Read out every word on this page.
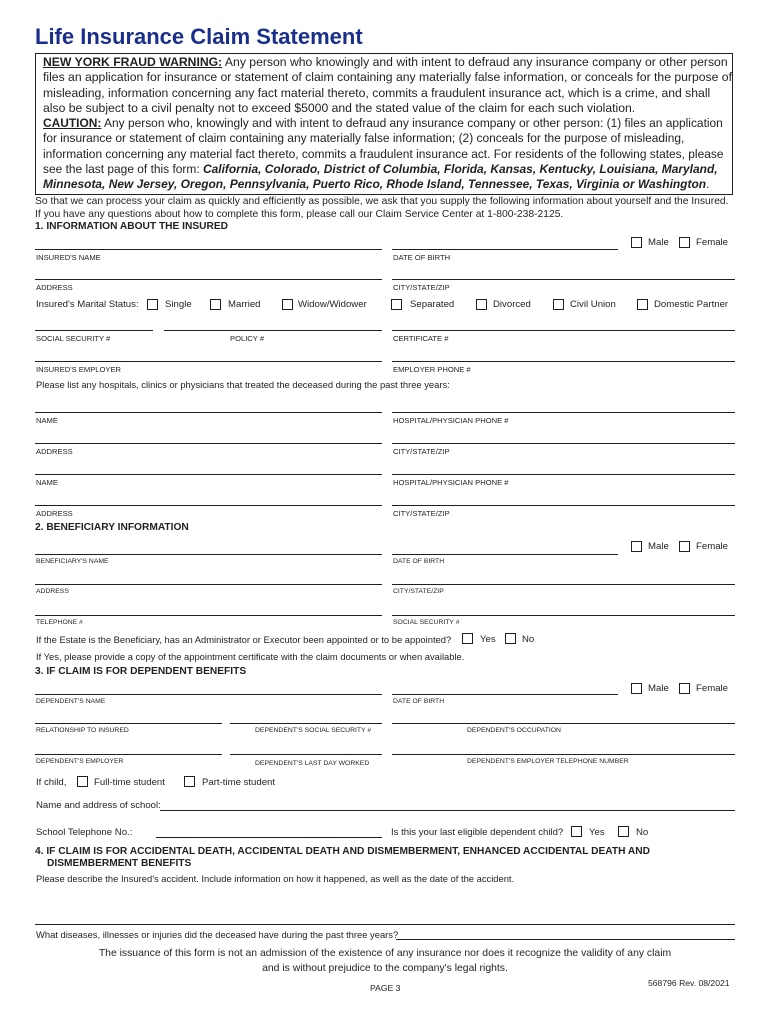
Life Insurance Claim Statement
NEW YORK FRAUD WARNING: Any person who knowingly and with intent to defraud any insurance company or other person files an application for insurance or statement of claim containing any materially false information, or conceals for the purpose of misleading, information concerning any fact material thereto, commits a fraudulent insurance act, which is a crime, and shall also be subject to a civil penalty not to exceed $5000 and the stated value of the claim for each such violation.
CAUTION: Any person who, knowingly and with intent to defraud any insurance company or other person: (1) files an application for insurance or statement of claim containing any materially false information; (2) conceals for the purpose of misleading, information concerning any material fact thereto, commits a fraudulent insurance act. For residents of the following states, please see the last page of this form: California, Colorado, District of Columbia, Florida, Kansas, Kentucky, Louisiana, Maryland, Minnesota, New Jersey, Oregon, Pennsylvania, Puerto Rico, Rhode Island, Tennessee, Texas, Virginia or Washington.
So that we can process your claim as quickly and efficiently as possible, we ask that you supply the following information about yourself and the Insured. If you have any questions about how to complete this form, please call our Claim Service Center at 1-800-238-2125.
1. INFORMATION ABOUT THE INSURED
Male	Female
INSURED'S NAME	DATE OF BIRTH
ADDRESS	CITY/STATE/ZIP
Insured's Marital Status:	Single	Married	Widow/Widower	Separated	Divorced	Civil Union	Domestic Partner
SOCIAL SECURITY #	POLICY #	CERTIFICATE #
INSURED'S EMPLOYER	EMPLOYER PHONE #
Please list any hospitals, clinics or physicians that treated the deceased during the past three years:
NAME	HOSPITAL/PHYSICIAN PHONE #
ADDRESS	CITY/STATE/ZIP
NAME	HOSPITAL/PHYSICIAN PHONE #
ADDRESS	CITY/STATE/ZIP
2. BENEFICIARY INFORMATION
Male	Female
BENEFICIARY'S NAME	DATE OF BIRTH
ADDRESS	CITY/STATE/ZIP
TELEPHONE #	SOCIAL SECURITY #
If the Estate is the Beneficiary, has an Administrator or Executor been appointed or to be appointed?	Yes	No
If Yes, please provide a copy of the appointment certificate with the claim documents or when available.
3. IF CLAIM IS FOR DEPENDENT BENEFITS
Male	Female
DEPENDENT'S NAME	DATE OF BIRTH
RELATIONSHIP TO INSURED	DEPENDENT'S SOCIAL SECURITY #	DEPENDENT'S OCCUPATION
DEPENDENT'S EMPLOYER	DEPENDENT'S LAST DAY WORKED	DEPENDENT'S EMPLOYER TELEPHONE NUMBER
If child,	Full-time student	Part-time student
Name and address of school:
School Telephone No.:	Is this your last eligible dependent child?	Yes	No
4. IF CLAIM IS FOR ACCIDENTAL DEATH, ACCIDENTAL DEATH AND DISMEMBERMENT, ENHANCED ACCIDENTAL DEATH AND
DISMEMBERMENT BENEFITS
Please describe the Insured's accident. Include information on how it happened, as well as the date of the accident.
What diseases, illnesses or injuries did the deceased have during the past three years?
The issuance of this form is not an admission of the existence of any insurance nor does it recognize the validity of any claim
and is without prejudice to the company's legal rights.
PAGE 3	568796 Rev. 08/2021
